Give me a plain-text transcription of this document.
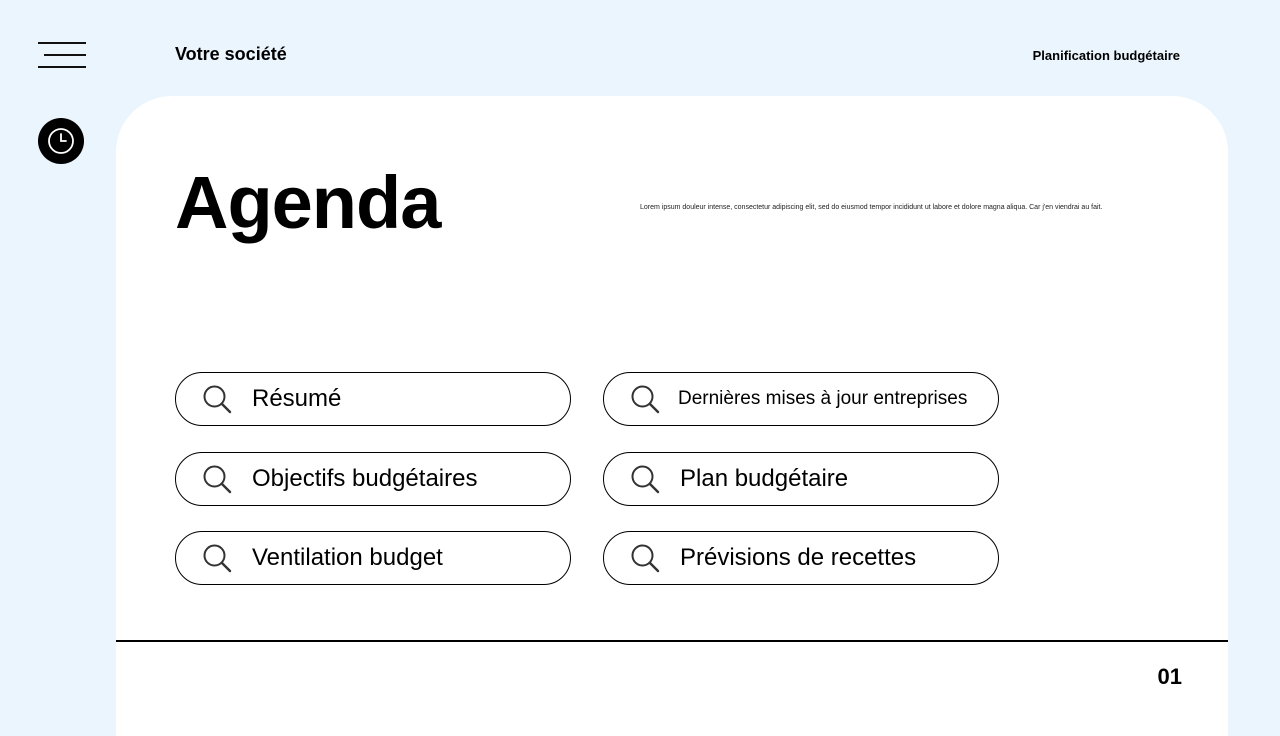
Votre société	Planification budgétaire
Agenda	Lorem ipsum douleur intense, consectetur adipiscing elit, sed do eiusmod tempor incididunt ut labore et dolore magna aliqua. Car j'en viendrai au fait.
Résumé	Dernières mises à jour entreprises
Objectifs budgétaires	Plan budgétaire
Ventilation budget	Prévisions de recettes
01
